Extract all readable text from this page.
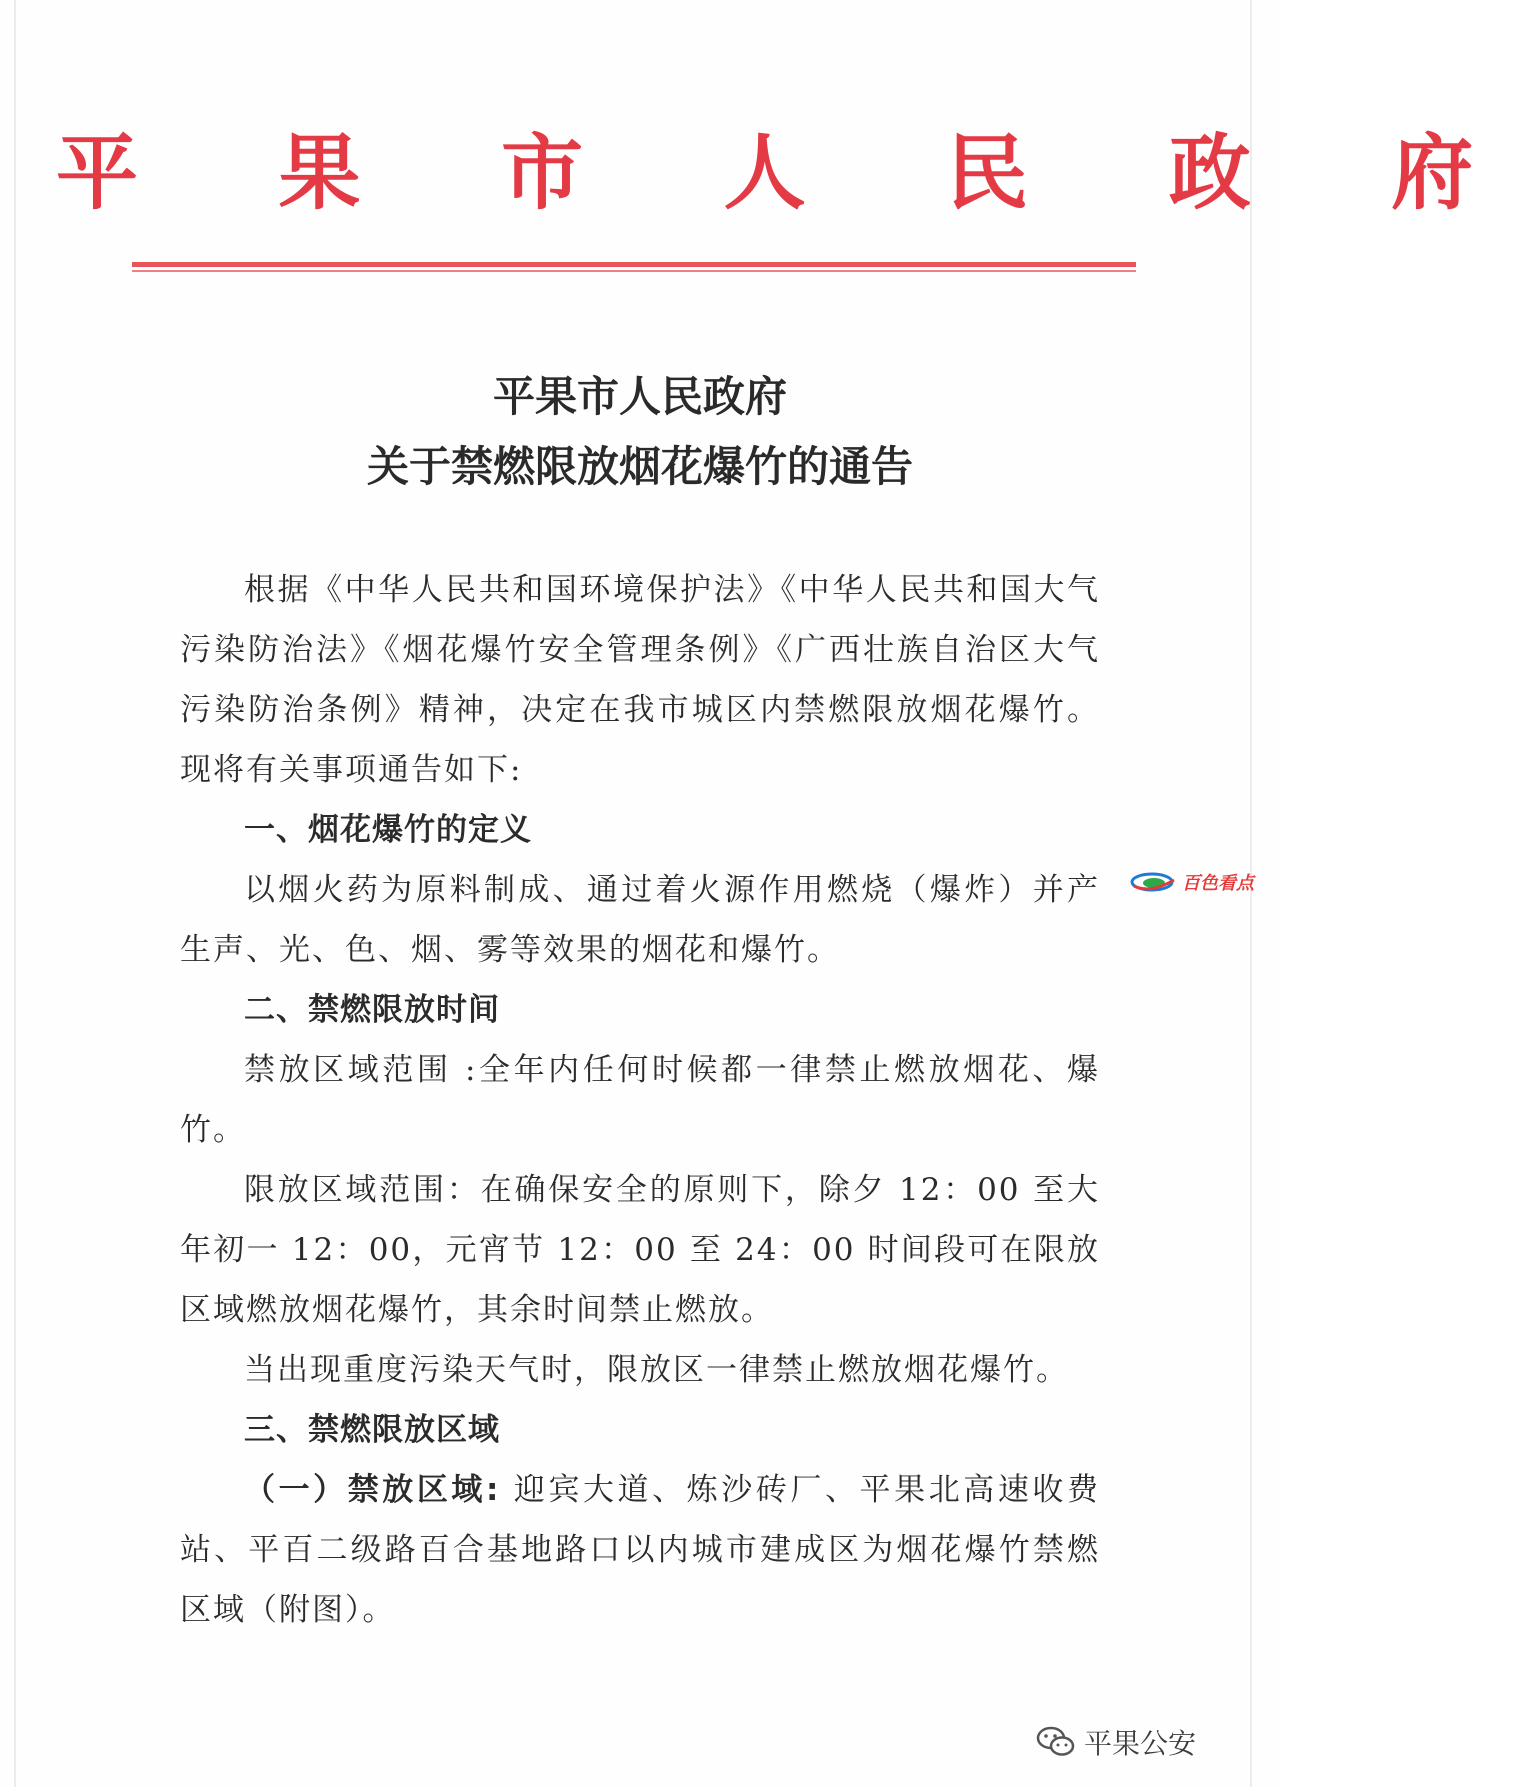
平 果 市 人 民 政 府
平果市人民政府
关于禁燃限放烟花爆竹的通告

根据《中华人民共和国环境保护法》《中华人民共和国大气污染防治法》《烟花爆竹安全管理条例》《广西壮族自治区大气污染防治条例》精神，决定在我市城区内禁燃限放烟花爆竹。现将有关事项通告如下:

一、烟花爆竹的定义

以烟火药为原料制成、通过着火源作用燃烧（爆炸）并产生声、光、色、烟、雾等效果的烟花和爆竹。

二、禁燃限放时间

禁放区域范围 :全年内任何时候都一律禁止燃放烟花、爆竹。

限放区域范围：在确保安全的原则下，除夕 12：00 至大年初一 12：00，元宵节 12：00 至 24：00 时间段可在限放区域燃放烟花爆竹，其余时间禁止燃放。

当出现重度污染天气时，限放区一律禁止燃放烟花爆竹。

三、禁燃限放区域

（一）禁放区域: 迎宾大道、炼沙砖厂、平果北高速收费站、平百二级路百合基地路口以内城市建成区为烟花爆竹禁燃区域（附图）。

百色看点
平果公安
